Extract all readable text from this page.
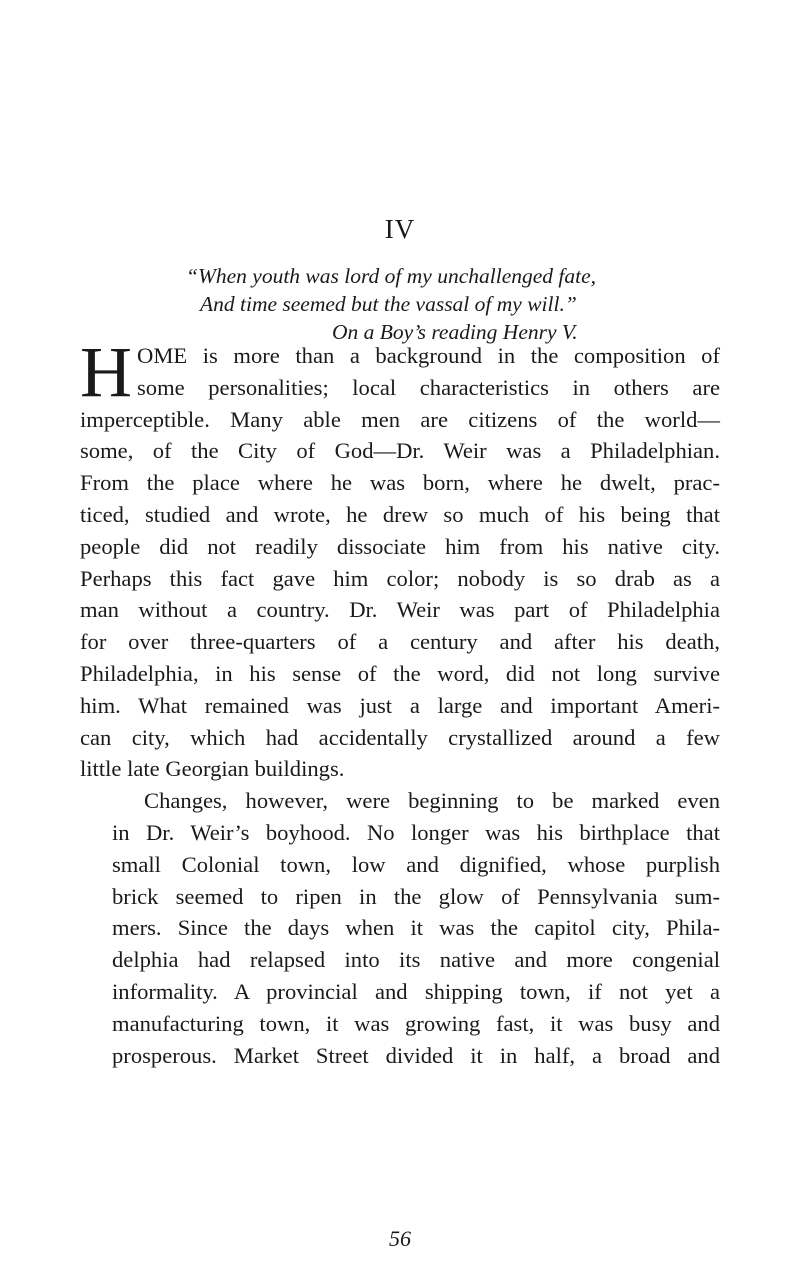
IV
“When youth was lord of my unchallenged fate,
And time seemed but the vassal of my will.”
On a Boy’s reading Henry V.

H OME is more than a background in the composition of
some personalities; local characteristics in others are
imperceptible. Many able men are citizens of the world—
some, of the City of God—Dr. Weir was a Philadelphian.
From the place where he was born, where he dwelt, prac-
ticed, studied and wrote, he drew so much of his being that
people did not readily dissociate him from his native city.
Perhaps this fact gave him color; nobody is so drab as a
man without a country. Dr. Weir was part of Philadelphia
for over three-quarters of a century and after his death,
Philadelphia, in his sense of the word, did not long survive
him. What remained was just a large and important Ameri-
can city, which had accidentally crystallized around a few
little late Georgian buildings.

Changes, however, were beginning to be marked even
in Dr. Weir’s boyhood. No longer was his birthplace that
small Colonial town, low and dignified, whose purplish
brick seemed to ripen in the glow of Pennsylvania sum-
mers. Since the days when it was the capitol city, Phila-
delphia had relapsed into its native and more congenial
informality. A provincial and shipping town, if not yet a
manufacturing town, it was growing fast, it was busy and
prosperous. Market Street divided it in half, a broad and

56
